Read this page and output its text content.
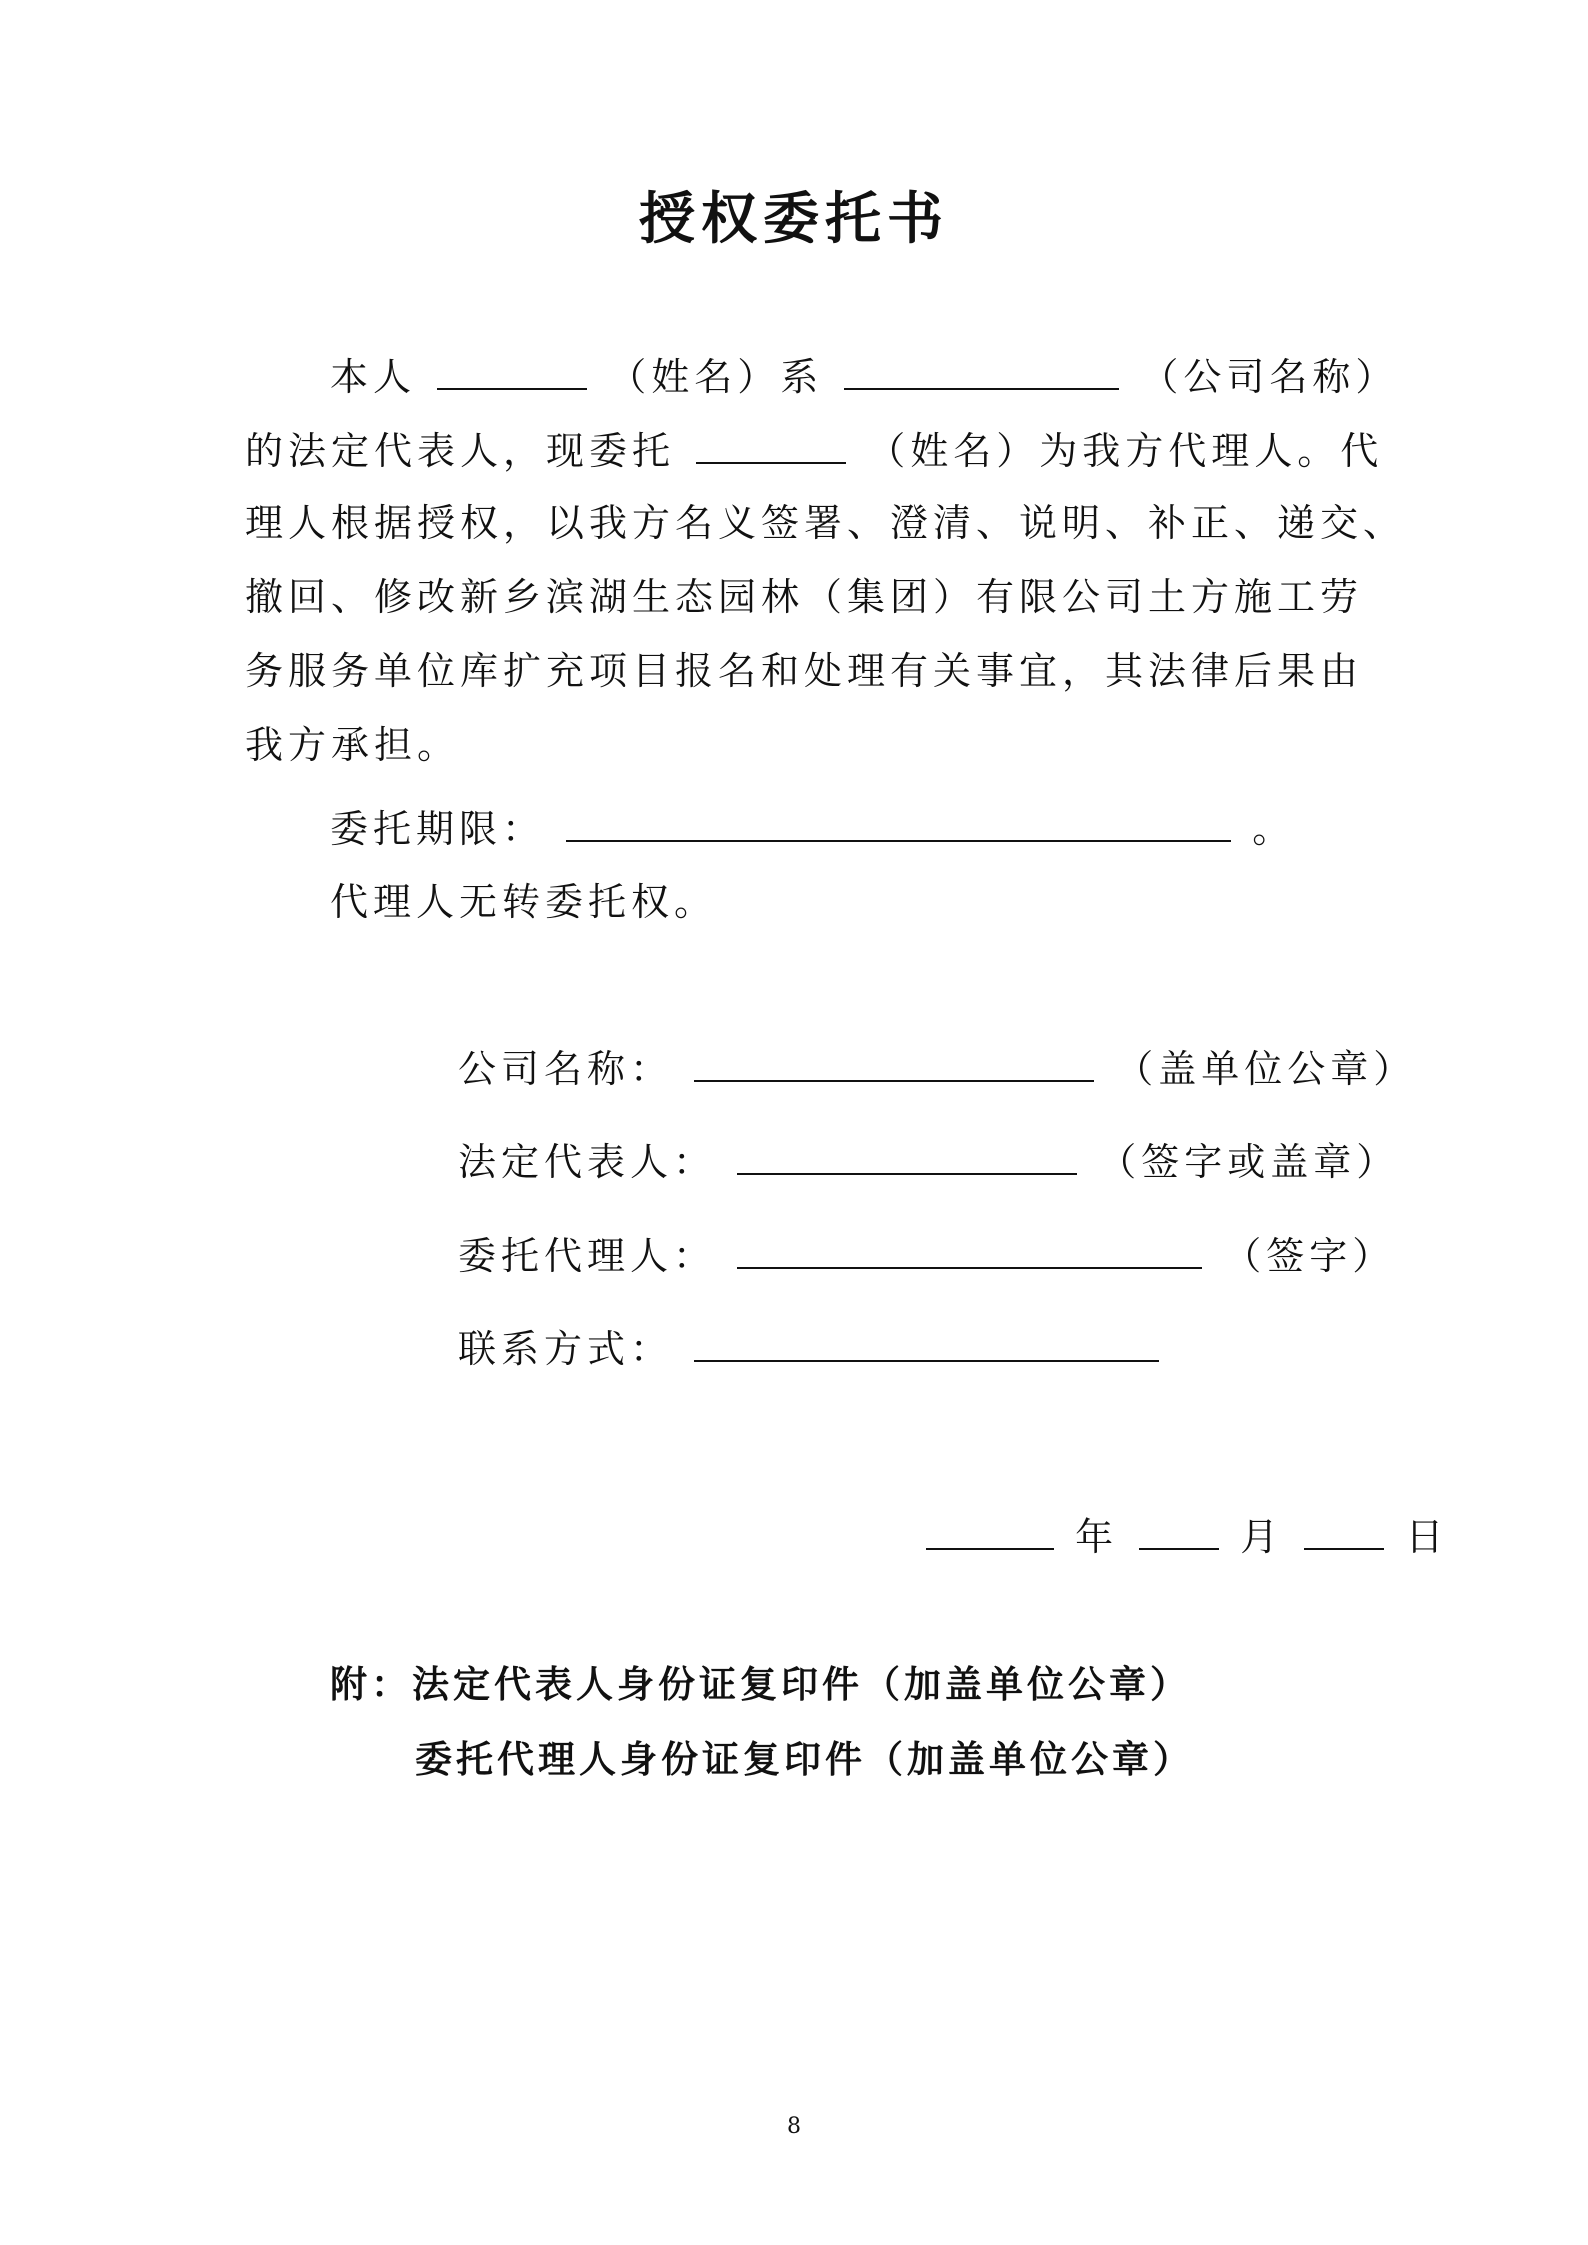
授权委托书
本人	（姓名）系	（公司名称）
的法定代表人，现委托	（姓名）为我方代理人。代
理人根据授权，以我方名义签署、澄清、说明、补正、递交、
撤回、修改新乡滨湖生态园林（集团）有限公司土方施工劳
务服务单位库扩充项目报名和处理有关事宜，其法律后果由
我方承担。
委托期限：	。
代理人无转委托权。
公司名称：	（盖单位公章）
法定代表人：	（签字或盖章）
委托代理人：	（签字）
联系方式：
年	月	日
附：法定代表人身份证复印件（加盖单位公章）
委托代理人身份证复印件（加盖单位公章）
8
